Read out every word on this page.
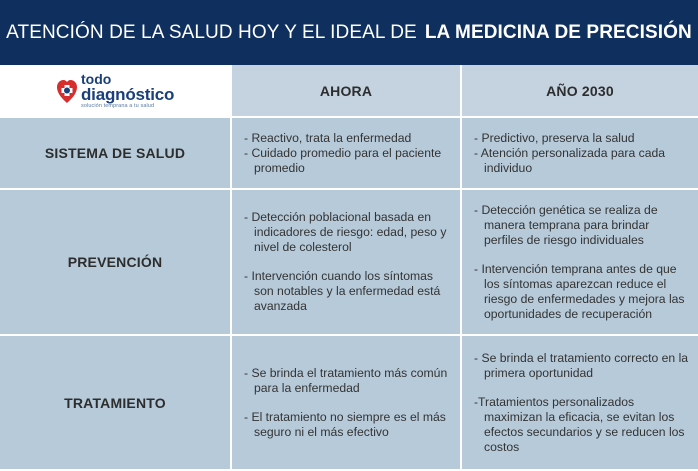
ATENCIÓN DE LA SALUD HOY Y EL IDEAL DE LA MEDICINA DE PRECISIÓN
todo
diagnóstico
solución temprana a tu salud
AHORA	AÑO 2030
SISTEMA DE SALUD
- Reactivo, trata la enfermedad
- Cuidado promedio para el paciente promedio
- Predictivo, preserva la salud
- Atención personalizada para cada individuo
PREVENCIÓN
- Detección poblacional basada en indicadores de riesgo: edad, peso y nivel de colesterol
- Intervención cuando los síntomas son notables y la enfermedad está avanzada
- Detección genética se realiza de manera temprana para brindar perfiles de riesgo individuales
- Intervención temprana antes de que los síntomas aparezcan reduce el riesgo de enfermedades y mejora las oportunidades de recuperación
TRATAMIENTO
- Se brinda el tratamiento más común para la enfermedad
- El tratamiento no siempre es el más seguro ni el más efectivo
- Se brinda el tratamiento correcto en la primera oportunidad
-Tratamientos personalizados maximizan la eficacia, se evitan los efectos secundarios y se reducen los costos
